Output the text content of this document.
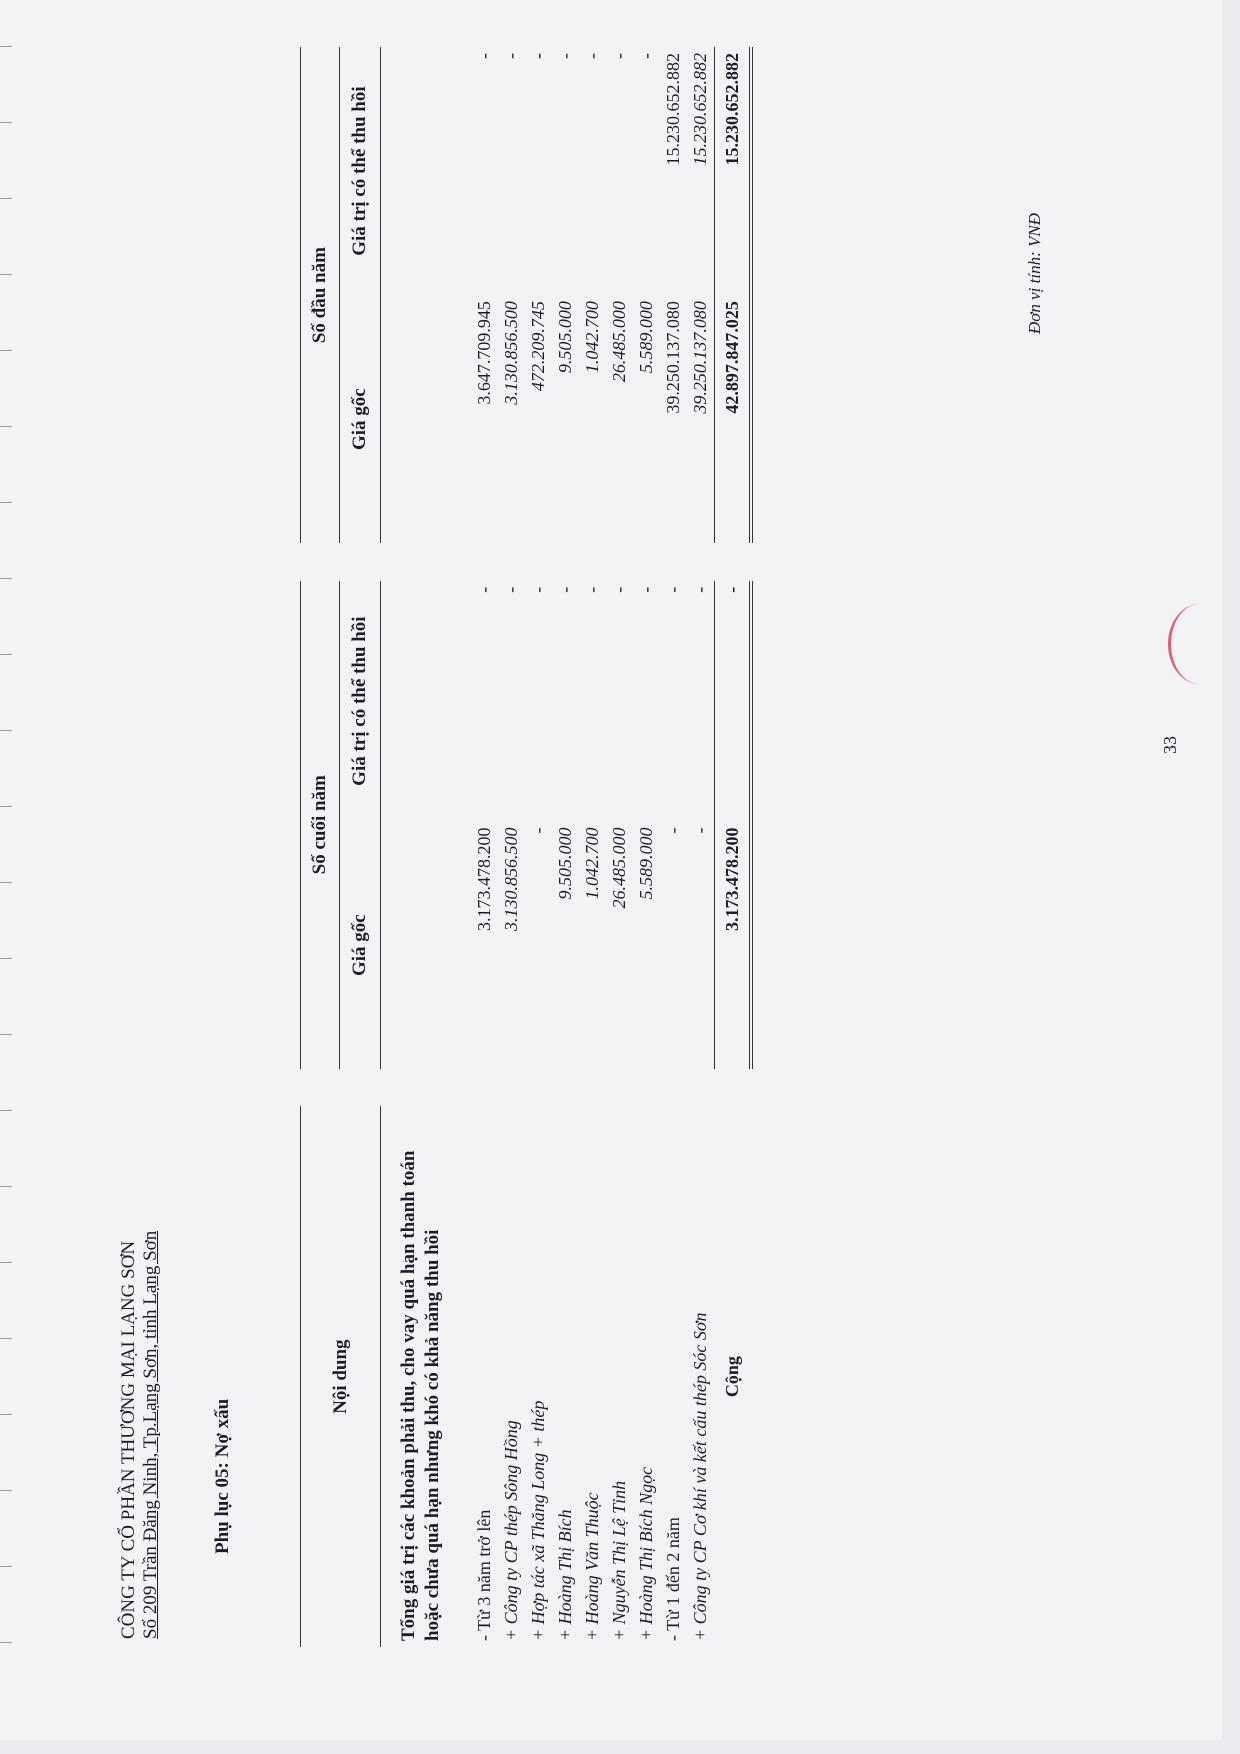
CÔNG TY CỔ PHẦN THƯƠNG MẠI LẠNG SƠN Số 209 Trần Đăng Ninh, Tp.Lạng Sơn, tỉnh Lạng Sơn	Phụ lục 05: Nợ xấu
Đơn vị tính: VNĐ
Nội dung		Số cuối năm			Số đầu năm	
		Giá gốc	Giá trị có thể thu hồi		Giá gốc	Giá trị có thể thu hồi
Tổng giá trị các khoản phải thu, cho vay quá hạn thanh toán hoặc chưa quá hạn nhưng khó có khả năng thu hồi						
- Từ 3 năm trở lên		3.173.478.200	-		3.647.709.945	-
+ Công ty CP thép Sông Hồng		3.130.856.500	-		3.130.856.500	-
+ Hợp tác xã Thăng Long + thép		-	-		472.209.745	-
+ Hoàng Thị Bích		9.505.000	-		9.505.000	-
+ Hoàng Văn Thuộc		1.042.700	-		1.042.700	-
+ Nguyễn Thị Lệ Tỉnh		26.485.000	-		26.485.000	-
+ Hoàng Thị Bích Ngọc		5.589.000	-		5.589.000	-
- Từ 1 đến 2 năm		-	-		39.250.137.080	15.230.652.882
+ Công ty CP Cơ khí và kết cấu thép Sóc Sơn		-	-		39.250.137.080	15.230.652.882
Cộng		3.173.478.200	-		42.897.847.025	15.230.652.882
33
